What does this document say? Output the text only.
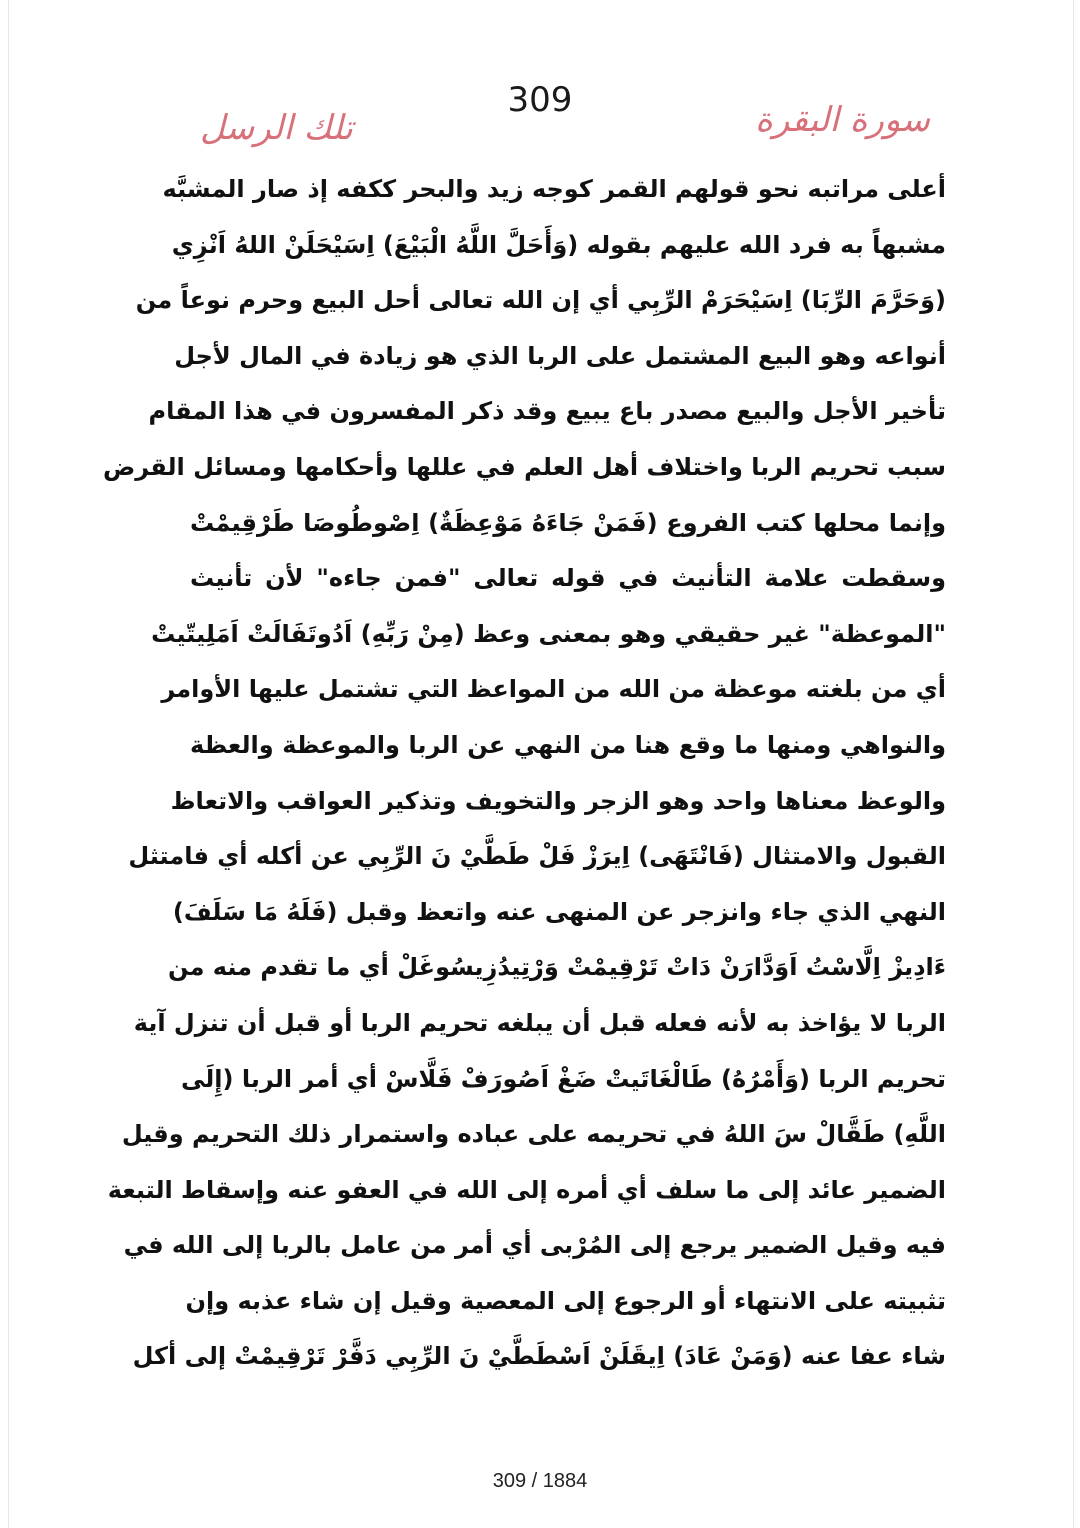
309	سورة البقرة
تلك الرسل
أعلى مراتبه نحو قولهم القمر كوجه زيد والبحر ككفه إذ صار المشبَّه
مشبهاً به فرد الله عليهم بقوله (وَأَحَلَّ اللَّهُ الْبَيْعَ) اِسَيْحَلَنْ اللهُ اَنْزِي
(وَحَرَّمَ الرِّبَا) اِسَيْحَرَمْ الرِّبِي أي إن الله تعالى أحل البيع وحرم نوعاً من
أنواعه وهو البيع المشتمل على الربا الذي هو زيادة في المال لأجل
تأخير الأجل والبيع مصدر باع يبيع وقد ذكر المفسرون في هذا المقام
سبب تحريم الربا واختلاف أهل العلم في عللها وأحكامها ومسائل القرض
وإنما محلها كتب الفروع (فَمَنْ جَاءَهُ مَوْعِظَةٌ) اِصْوطُوصَا طَرْقِيمْتْ
وسقطت علامة التأنيث في قوله تعالى "فمن جاءه" لأن تأنيث
"الموعظة" غير حقيقي وهو بمعنى وعظ (مِنْ رَبِّهِ) اَدُوتَفَالَتْ اَمَلِيتّيتْ
أي من بلغته موعظة من الله من المواعظ التي تشتمل عليها الأوامر
والنواهي ومنها ما وقع هنا من النهي عن الربا والموعظة والعظة
والوعظ معناها واحد وهو الزجر والتخويف وتذكير العواقب والاتعاظ
القبول والامتثال (فَانْتَهَى) اِيرَزْ فَلْ طَطَّيْ نَ الرِّبِي عن أكله أي فامتثل
النهي الذي جاء وانزجر عن المنهى عنه واتعظ وقبل (فَلَهُ مَا سَلَفَ)
ءَادِيزْ اِلَّاسْتُ اَوَدَّارَنْ دَاتْ تَرْقِيمْتْ وَرْتِيدُزِيسُوغَلْ أي ما تقدم منه من
الربا لا يؤاخذ به لأنه فعله قبل أن يبلغه تحريم الربا أو قبل أن تنزل آية
تحريم الربا (وَأَمْرُهُ) طَالْغَاتَيتْ ضَغْ اَصُورَفْ فَلَّاسْ أي أمر الربا (إِلَى
اللَّهِ) طَقَّالْ سَ اللهُ في تحريمه على عباده واستمرار ذلك التحريم وقيل
الضمير عائد إلى ما سلف أي أمره إلى الله في العفو عنه وإسقاط التبعة
فيه وقيل الضمير يرجع إلى المُرْبى أي أمر من عامل بالربا إلى الله في
تثبيته على الانتهاء أو الرجوع إلى المعصية وقيل إن شاء عذبه وإن
شاء عفا عنه (وَمَنْ عَادَ) اِيقَلَنْ اَسْطَطَّيْ نَ الرِّبِي دَفَّرْ تَرْقِيمْتْ إلى أكل
309 / 1884
